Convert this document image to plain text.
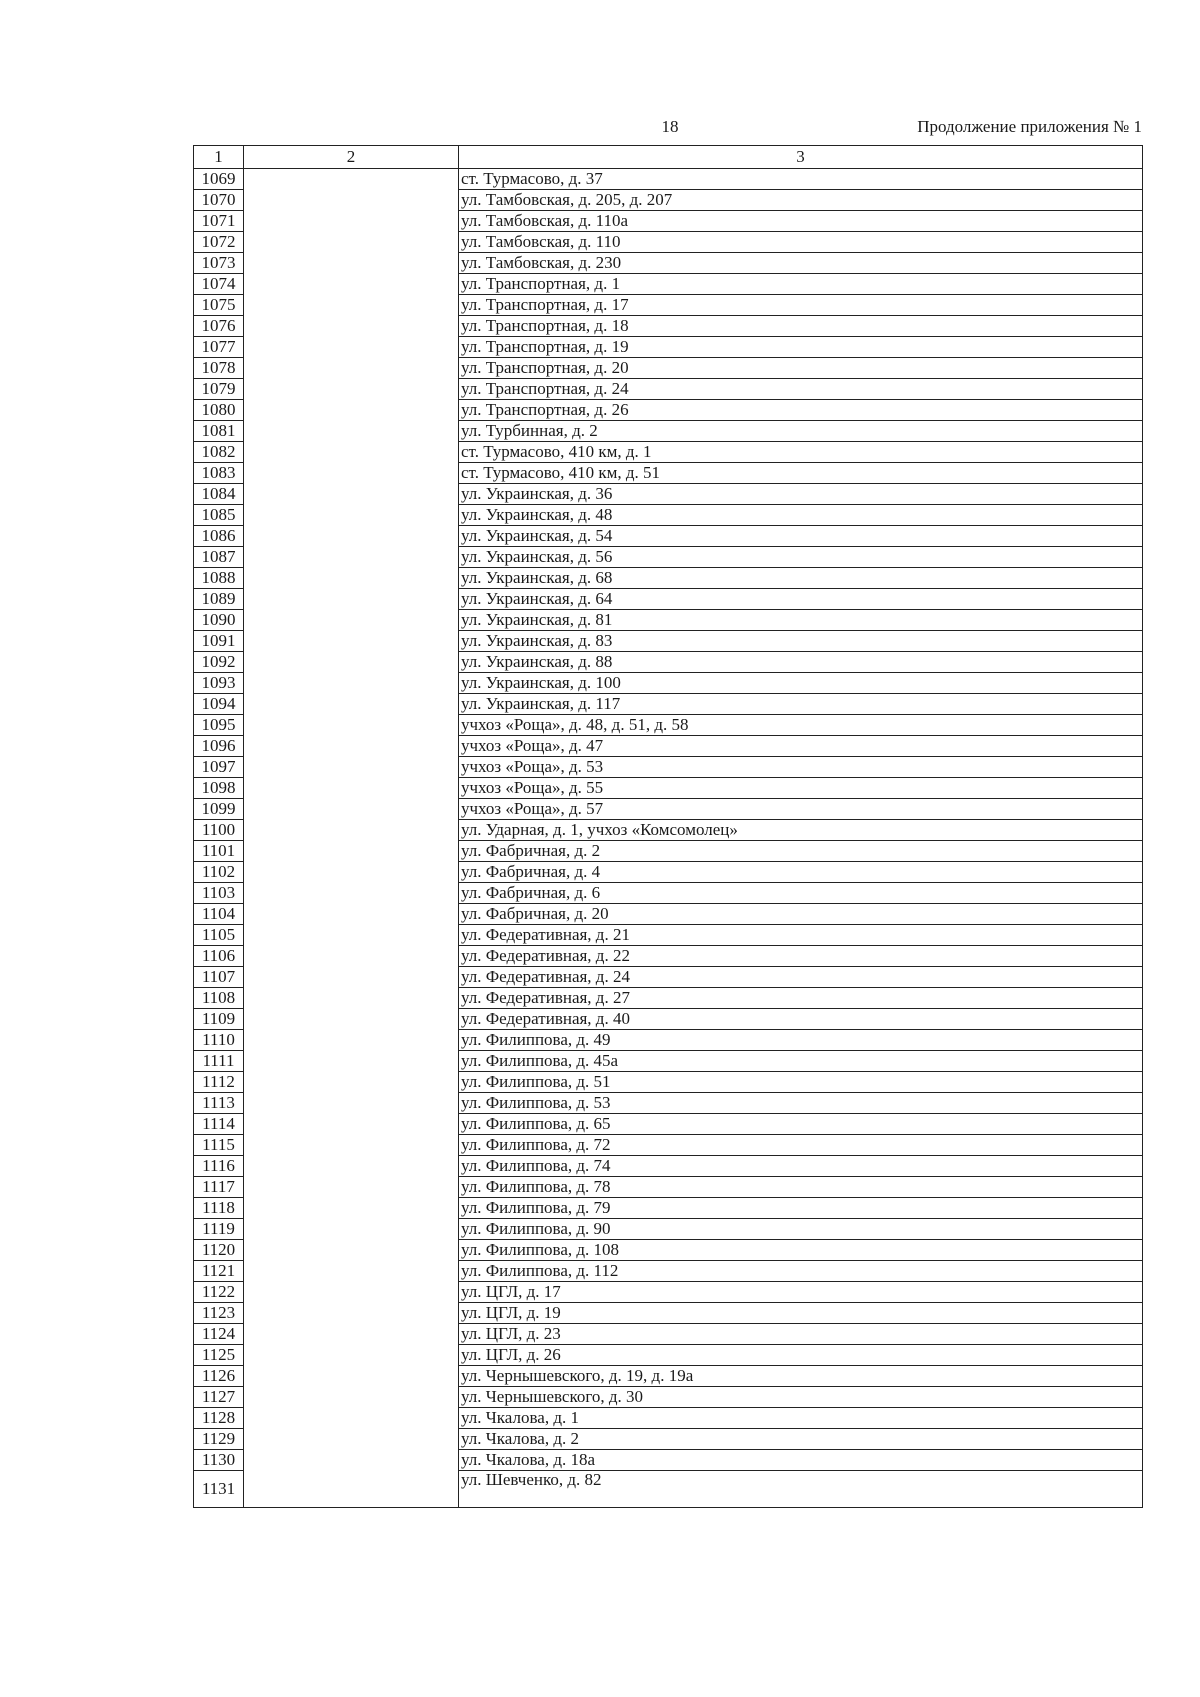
18	Продолжение приложения № 1
1	2	3
1069		ст. Турмасово, д. 37
1070		ул. Тамбовская, д. 205, д. 207
1071		ул. Тамбовская, д. 110а
1072		ул. Тамбовская, д. 110
1073		ул. Тамбовская, д. 230
1074		ул. Транспортная, д. 1
1075		ул. Транспортная, д. 17
1076		ул. Транспортная, д. 18
1077		ул. Транспортная, д. 19
1078		ул. Транспортная, д. 20
1079		ул. Транспортная, д. 24
1080		ул. Транспортная, д. 26
1081		ул. Турбинная, д. 2
1082		ст. Турмасово, 410 км, д. 1
1083		ст. Турмасово, 410 км, д. 51
1084		ул. Украинская, д. 36
1085		ул. Украинская, д. 48
1086		ул. Украинская, д. 54
1087		ул. Украинская, д. 56
1088		ул. Украинская, д. 68
1089		ул. Украинская, д. 64
1090		ул. Украинская, д. 81
1091		ул. Украинская, д. 83
1092		ул. Украинская, д. 88
1093		ул. Украинская, д. 100
1094		ул. Украинская, д. 117
1095		учхоз «Роща», д. 48, д. 51, д. 58
1096		учхоз «Роща», д. 47
1097		учхоз «Роща», д. 53
1098		учхоз «Роща», д. 55
1099		учхоз «Роща», д. 57
1100		ул. Ударная, д. 1, учхоз «Комсомолец»
1101		ул. Фабричная, д. 2
1102		ул. Фабричная, д. 4
1103		ул. Фабричная, д. 6
1104		ул. Фабричная, д. 20
1105		ул. Федеративная, д. 21
1106		ул. Федеративная, д. 22
1107		ул. Федеративная, д. 24
1108		ул. Федеративная, д. 27
1109		ул. Федеративная, д. 40
1110		ул. Филиппова, д. 49
1111		ул. Филиппова, д. 45а
1112		ул. Филиппова, д. 51
1113		ул. Филиппова, д. 53
1114		ул. Филиппова, д. 65
1115		ул. Филиппова, д. 72
1116		ул. Филиппова, д. 74
1117		ул. Филиппова, д. 78
1118		ул. Филиппова, д. 79
1119		ул. Филиппова, д. 90
1120		ул. Филиппова, д. 108
1121		ул. Филиппова, д. 112
1122		ул. ЦГЛ, д. 17
1123		ул. ЦГЛ, д. 19
1124		ул. ЦГЛ, д. 23
1125		ул. ЦГЛ, д. 26
1126		ул. Чернышевского, д. 19, д. 19а
1127		ул. Чернышевского, д. 30
1128		ул. Чкалова, д. 1
1129		ул. Чкалова, д. 2
1130		ул. Чкалова, д. 18а
1131		ул. Шевченко, д. 82
